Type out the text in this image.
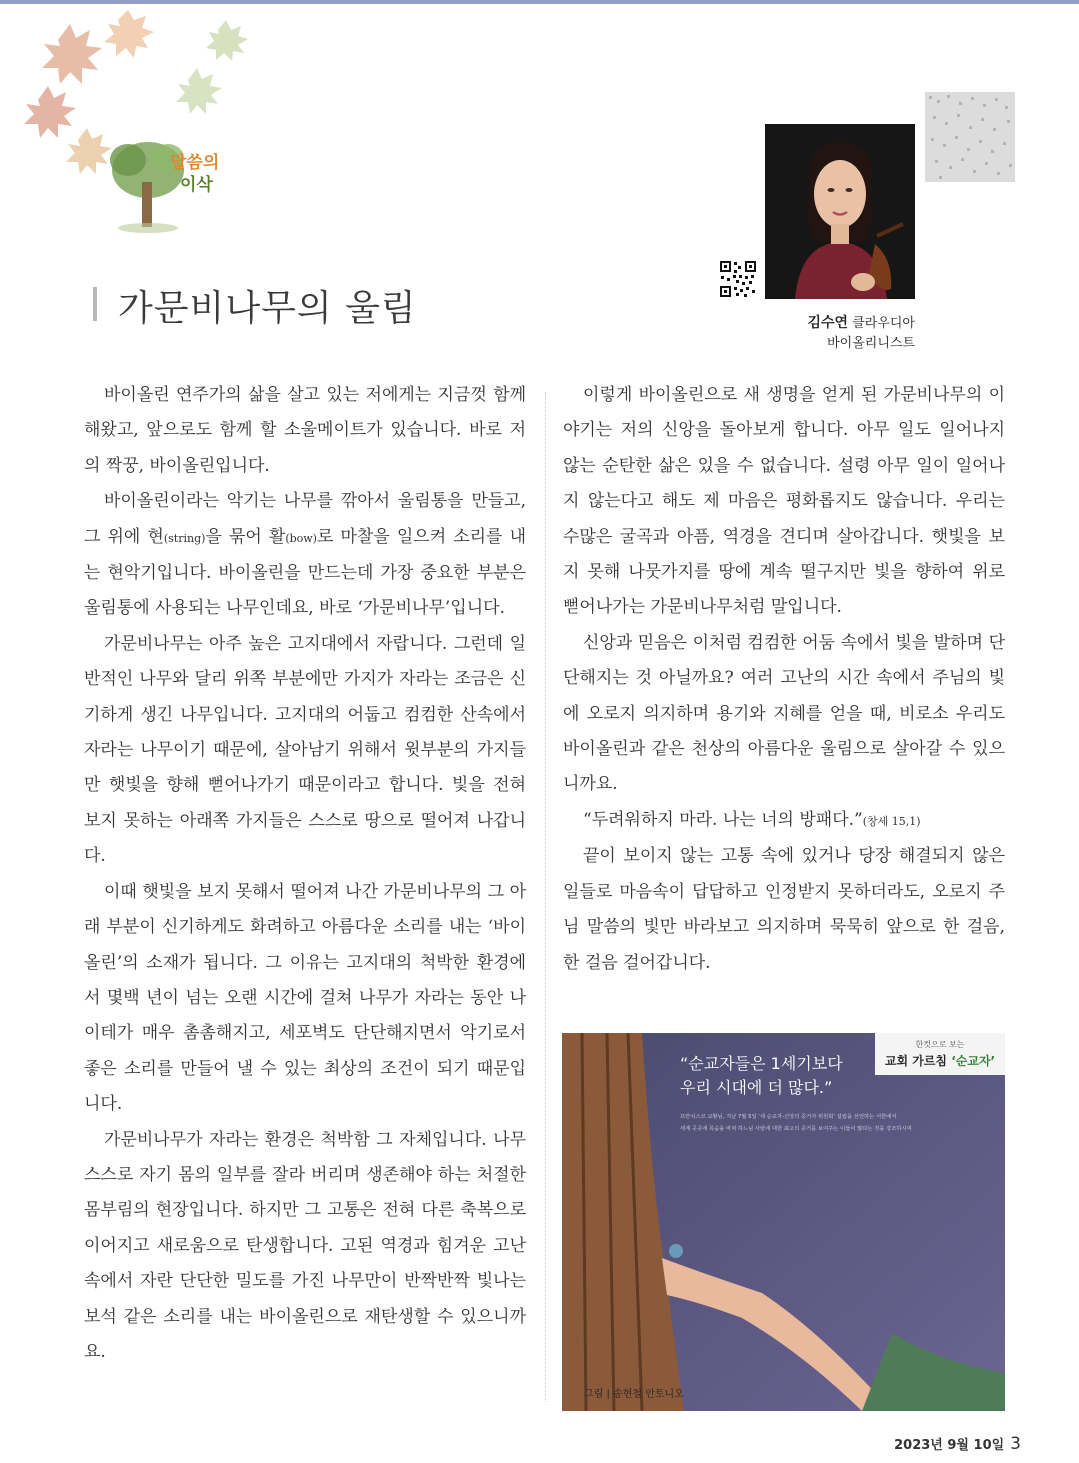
말씀의
이삭
가문비나무의 울림	김수연 클라우디아
바이올리니스트

바이올린 연주가의 삶을 살고 있는 저에게는 지금껏 함께 해왔고, 앞으로도 함께 할 소울메이트가 있습니다. 바로 저의 짝꿍, 바이올린입니다.

바이올린이라는 악기는 나무를 깎아서 울림통을 만들고, 그 위에 현(string)을 묶어 활(bow)로 마찰을 일으켜 소리를 내는 현악기입니다. 바이올린을 만드는데 가장 중요한 부분은 울림통에 사용되는 나무인데요, 바로 ‘가문비나무’입니다.

가문비나무는 아주 높은 고지대에서 자랍니다. 그런데 일반적인 나무와 달리 위쪽 부분에만 가지가 자라는 조금은 신기하게 생긴 나무입니다. 고지대의 어둡고 컴컴한 산속에서 자라는 나무이기 때문에, 살아남기 위해서 윗부분의 가지들만 햇빛을 향해 뻗어나가기 때문이라고 합니다. 빛을 전혀 보지 못하는 아래쪽 가지들은 스스로 땅으로 떨어져 나갑니다.

이때 햇빛을 보지 못해서 떨어져 나간 가문비나무의 그 아래 부분이 신기하게도 화려하고 아름다운 소리를 내는 ‘바이올린’의 소재가 됩니다. 그 이유는 고지대의 척박한 환경에서 몇백 년이 넘는 오랜 시간에 걸쳐 나무가 자라는 동안 나이테가 매우 촘촘해지고, 세포벽도 단단해지면서 악기로서 좋은 소리를 만들어 낼 수 있는 최상의 조건이 되기 때문입니다.

가문비나무가 자라는 환경은 척박함 그 자체입니다. 나무 스스로 자기 몸의 일부를 잘라 버리며 생존해야 하는 처절한 몸부림의 현장입니다. 하지만 그 고통은 전혀 다른 축복으로 이어지고 새로움으로 탄생합니다. 고된 역경과 힘겨운 고난 속에서 자란 단단한 밀도를 가진 나무만이 반짝반짝 빛나는 보석 같은 소리를 내는 바이올린으로 재탄생할 수 있으니까요.

이렇게 바이올린으로 새 생명을 얻게 된 가문비나무의 이야기는 저의 신앙을 돌아보게 합니다. 아무 일도 일어나지 않는 순탄한 삶은 있을 수 없습니다. 설령 아무 일이 일어나지 않는다고 해도 제 마음은 평화롭지도 않습니다. 우리는 수많은 굴곡과 아픔, 역경을 견디며 살아갑니다. 햇빛을 보지 못해 나뭇가지를 땅에 계속 떨구지만 빛을 향하여 위로 뻗어나가는 가문비나무처럼 말입니다.

신앙과 믿음은 이처럼 컴컴한 어둠 속에서 빛을 발하며 단단해지는 것 아닐까요? 여러 고난의 시간 속에서 주님의 빛에 오로지 의지하며 용기와 지혜를 얻을 때, 비로소 우리도 바이올린과 같은 천상의 아름다운 울림으로 살아갈 수 있으니까요.

“두려워하지 마라. 나는 너의 방패다.”(창세 15,1)

끝이 보이지 않는 고통 속에 있거나 당장 해결되지 않은 일들로 마음속이 답답하고 인정받지 못하더라도, 오로지 주님 말씀의 빛만 바라보고 의지하며 묵묵히 앞으로 한 걸음, 한 걸음 걸어갑니다.

한컷으로 보는
교회 가르침 ‘순교자’
“순교자들은 1세기보다
우리 시대에 더 많다.”
프란치스코 교황님, 지난 7월 5일 ‘새 순교자-신앙의 증거자 위원회’ 설립을 선언하는 서한에서
세계 곳곳에 목숨을 바쳐 하느님 사랑에 대한 최고의 증거를 보여주는 이들이 많다는 것을 강조하시며
그림 | 송현철 안토니오
2023년 9월 10일 3
